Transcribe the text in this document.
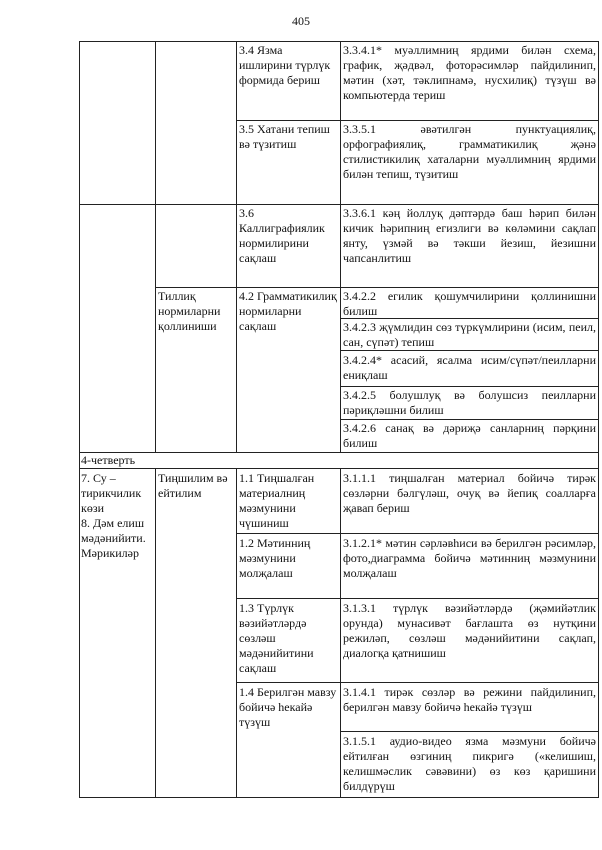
405
Тиллиқ нормиларни қоллиниши
3.4 Язма ишлирини түрлүк формида бериш
3.5 Хатани тепиш вә түзитиш
3.6 Каллиграфиялик нормилирини сақлаш
4.2 Грамматикилиқ нормиларни сақлаш
3.3.4.1* муәллимниң ярдими билән схема, график, җәдвәл, фоторәсимләр пайдилинип, мәтин (хәт, тәклипнамә, нусхилиқ) түзүш вә компьютерда териш
3.3.5.1 әвәтилгән пунктуациялиқ, орфографиялиқ, грамматикилиқ җәнә стилистикилиқ хаталарни муәллимниң ярдими билән тепиш, түзитиш
3.3.6.1 кәң йоллуқ дәптәрдә баш һәрип билән кичик һәрипниң егизлиги вә көләмини сақлап янту, үзмәй вә тәкши йезиш, йезишни чапсанлитиш
3.4.2.2 егилик қошумчилирини қоллинишни билиш
3.4.2.3 җүмлидин сөз түркүмлирини (исим, пеил, сан, сүпәт) тепиш
3.4.2.4* асасий, ясалма исим/сүпәт/пеилларни ениқлаш
3.4.2.5 болушлуқ вә болушсиз пеилларни пәриқләшни билиш
3.4.2.6 санақ вә дәриҗә санларниң пәрқини билиш
4-четверть
7. Су – тирикчилик көзи
8. Дәм елиш мәдәнийити. Мәрикиләр
Тиңшилим вә ейтилим
1.1 Тиңшалған материалниң мәзмунини чүшиниш
1.2 Мәтинниң мәзмунини молҗалаш
1.3 Түрлүк вәзийәтләрдә сөзләш мәдәнийитини сақлаш
1.4 Берилгән мавзу бойичә һекайә түзүш
3.1.1.1 тиңшалған материал бойичә тирәк сөзләрни бәлгүләш, очуқ вә йепиқ соалларға җавап бериш
3.1.2.1* мәтин сәрләвһиси вә берилгән рәсимләр, фото,диаграмма бойичә мәтинниң мәзмунини молҗалаш
3.1.3.1 түрлүк вәзийәтләрдә (җәмийәтлик орунда) мунасивәт бағлашта өз нутқини режиләп, сөзләш мәдәнийитини сақлап, диалогқа қатнишиш
3.1.4.1 тирәк сөзләр вә режини пайдилинип, берилгән мавзу бойичә һекайә түзүш
3.1.5.1 аудио-видео язма мәзмуни бойичә ейтилған өзгиниң пикригә («келишиш, келишмәслик сәвәвини) өз көз қаришини билдүрүш
